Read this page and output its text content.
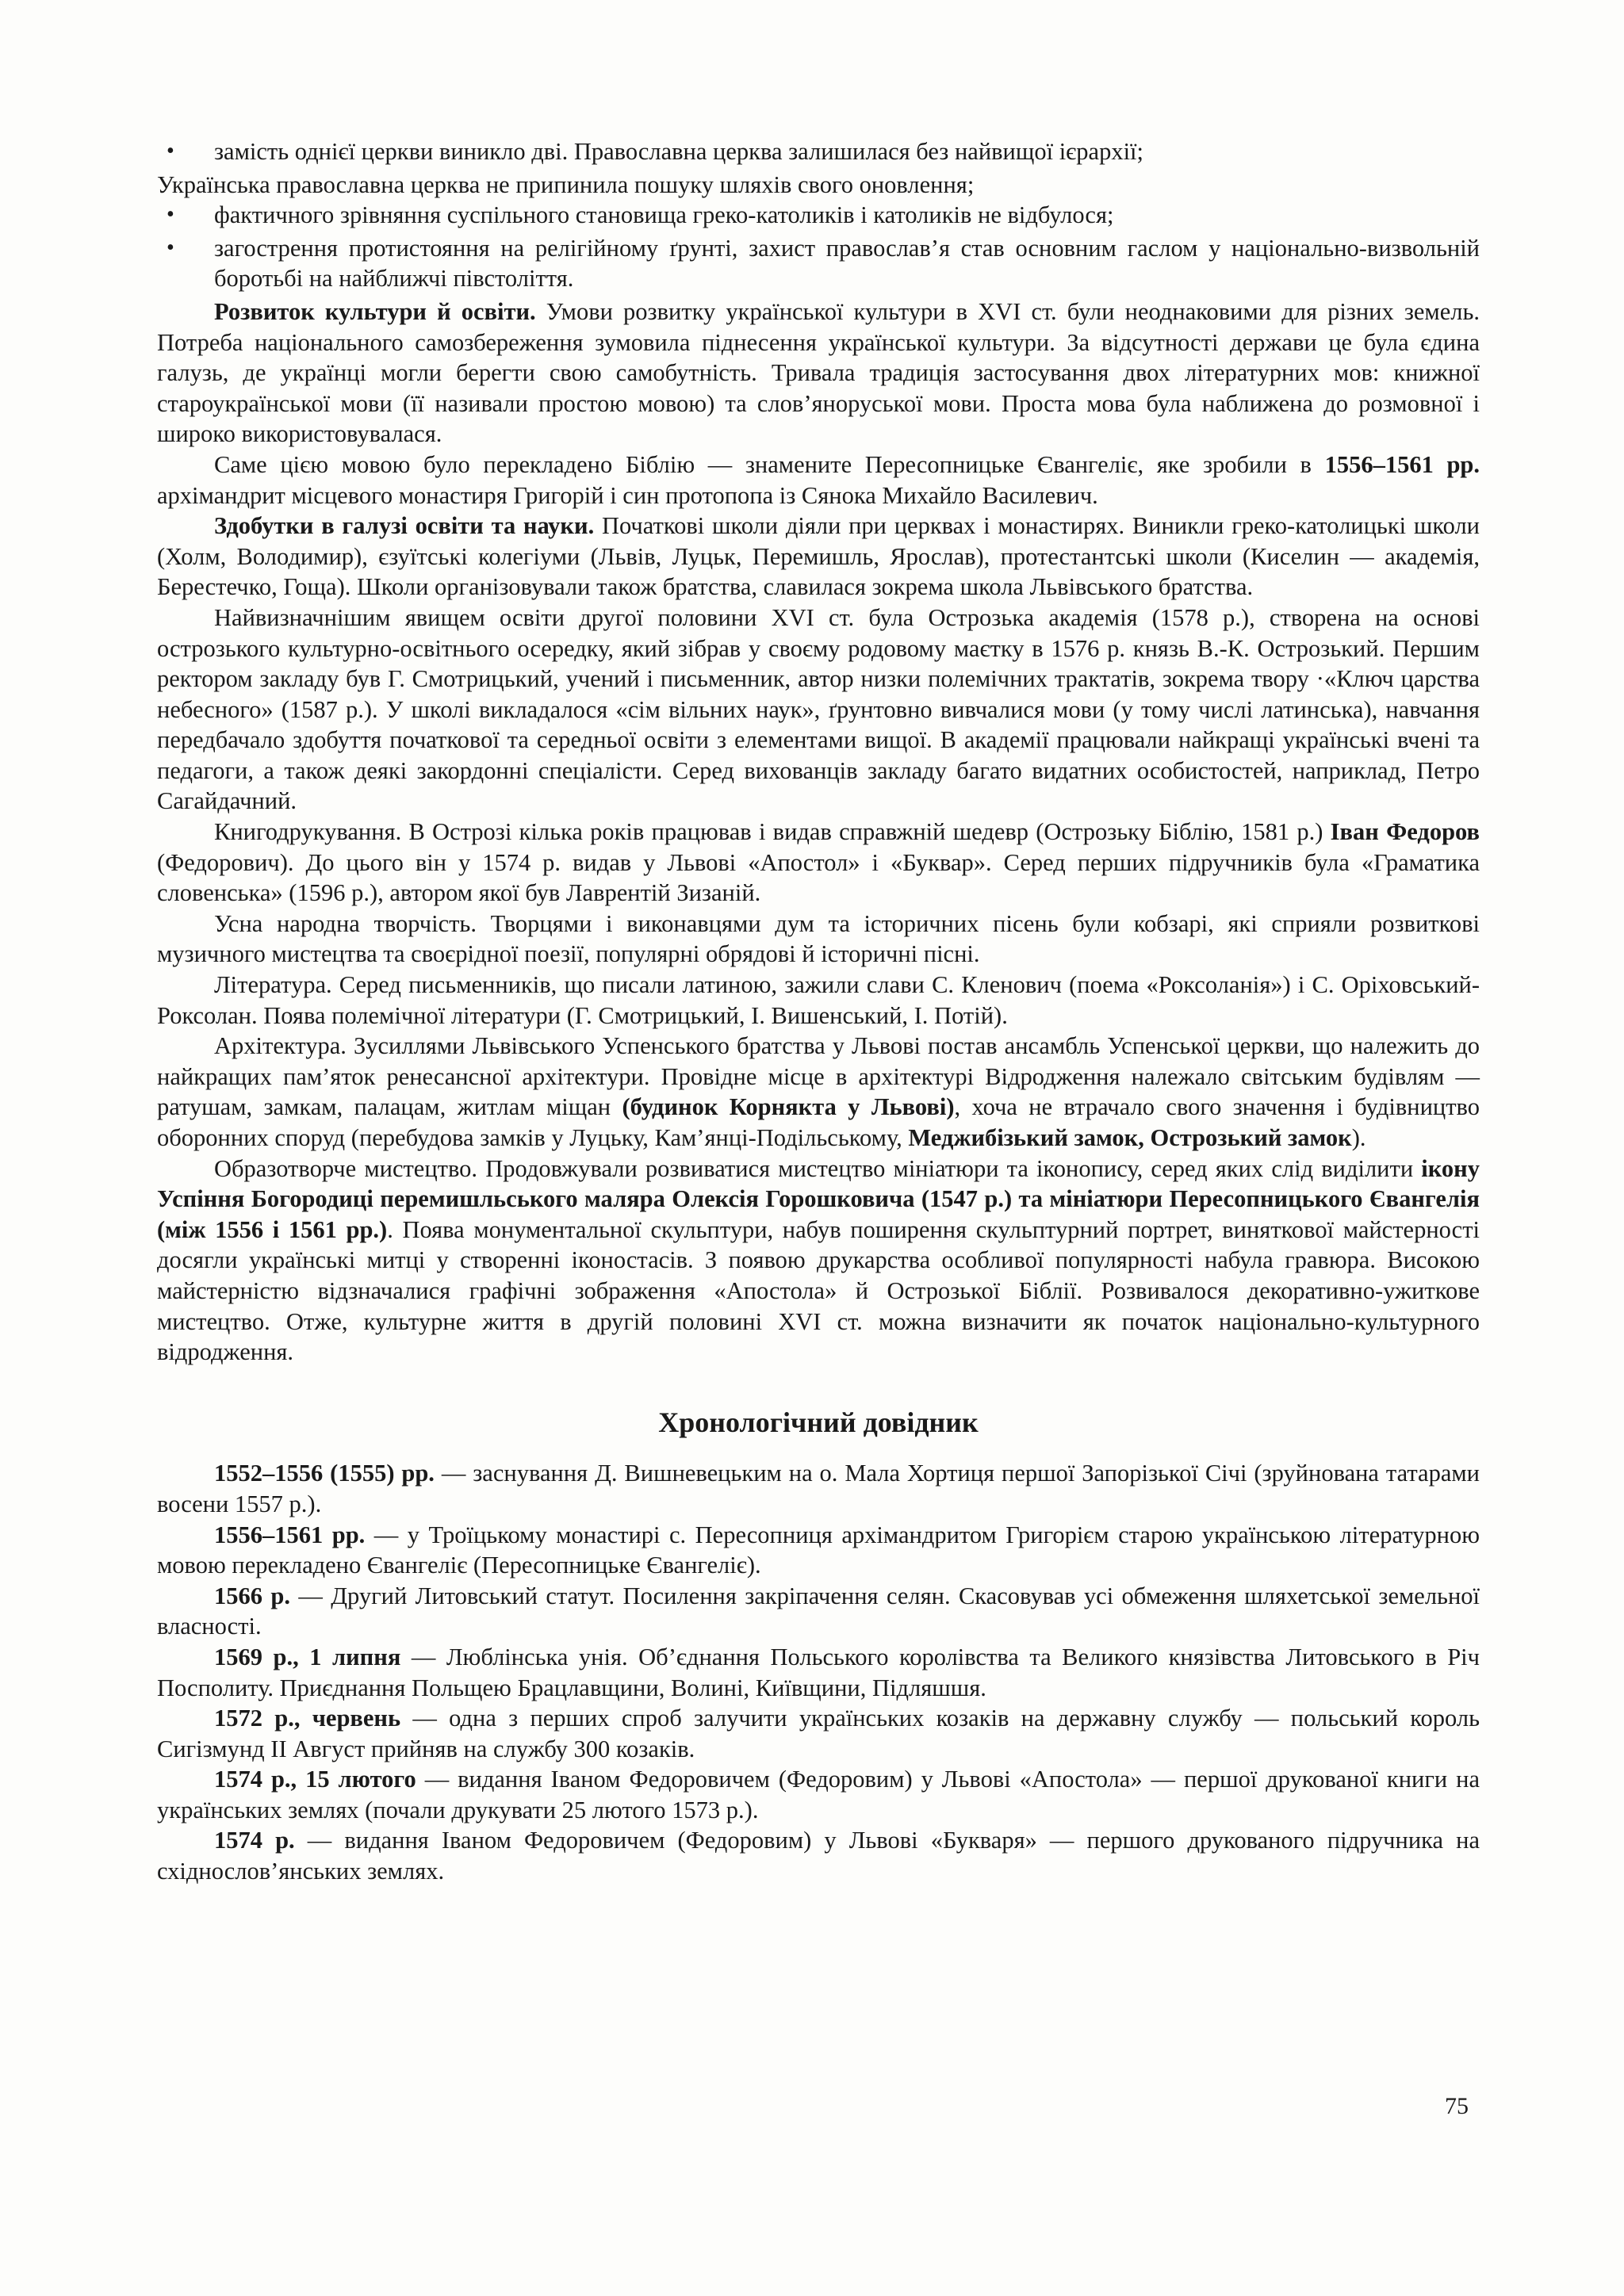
• замість однієї церкви виникло дві. Православна церква залишилася без найвищої ієрархії;

Українська православна церква не припинила пошуку шляхів свого оновлення;

• фактичного зрівняння суспільного становища греко-католиків і католиків не відбулося;
• загострення протистояння на релігійному ґрунті, захист православ’я став основним гаслом у національно-визвольній боротьбі на найближчі півстоліття.

Розвиток культури й освіти. Умови розвитку української культури в XVI ст. були неоднаковими для різних земель. Потреба національного самозбереження зумовила піднесення української культури. За відсутності держави це була єдина галузь, де українці могли берегти свою самобутність. Тривала традиція застосування двох літературних мов: книжної староукраїнської мови (її називали простою мовою) та слов’яноруської мови. Проста мова була наближена до розмовної і широко використовувалася.

Саме цією мовою було перекладено Біблію — знамените Пересопницьке Євангеліє, яке зробили в 1556–1561 рр. архімандрит місцевого монастиря Григорій і син протопопа із Сянока Михайло Василевич.

Здобутки в галузі освіти та науки. Початкові школи діяли при церквах і монастирях. Виникли греко-католицькі школи (Холм, Володимир), єзуїтські колегіуми (Львів, Луцьк, Перемишль, Ярослав), протестантські школи (Киселин — академія, Берестечко, Гоща). Школи організовували також братства, славилася зокрема школа Львівського братства.

Найвизначнішим явищем освіти другої половини XVI ст. була Острозька академія (1578 р.), створена на основі острозького культурно-освітнього осередку, який зібрав у своєму родовому маєтку в 1576 р. князь В.-К. Острозький. Першим ректором закладу був Г. Смотрицький, учений і письменник, автор низки полемічних трактатів, зокрема твору ·«Ключ царства небесного» (1587 р.). У школі викладалося «сім вільних наук», ґрунтовно вивчалися мови (у тому числі латинська), навчання передбачало здобуття початкової та середньої освіти з елементами вищої. В академії працювали найкращі українські вчені та педагоги, а також деякі закордонні спеціалісти. Серед вихованців закладу багато видатних особистостей, наприклад, Петро Сагайдачний.

Книгодрукування. В Острозі кілька років працював і видав справжній шедевр (Острозьку Біблію, 1581 р.) Іван Федоров (Федорович). До цього він у 1574 р. видав у Львові «Апостол» і «Буквар». Серед перших підручників була «Граматика словенська» (1596 р.), автором якої був Лаврентій Зизаній.

Усна народна творчість. Творцями і виконавцями дум та історичних пісень були кобзарі, які сприяли розвиткові музичного мистецтва та своєрідної поезії, популярні обрядові й історичні пісні.

Література. Серед письменників, що писали латиною, зажили слави С. Кленович (поема «Роксоланія») і С. Оріховський-Роксолан. Поява полемічної літератури (Г. Смотрицький, І. Вишенський, І. Потій).

Архітектура. Зусиллями Львівського Успенського братства у Львові постав ансамбль Успенської церкви, що належить до найкращих пам’яток ренесансної архітектури. Провідне місце в архітектурі Відродження належало світським будівлям — ратушам, замкам, палацам, житлам міщан (будинок Корнякта у Львові), хоча не втрачало свого значення і будівництво оборонних споруд (перебудова замків у Луцьку, Кам’янці-Подільському, Меджибізький замок, Острозький замок).

Образотворче мистецтво. Продовжували розвиватися мистецтво мініатюри та іконопису, серед яких слід виділити ікону Успіння Богородиці перемишльського маляра Олексія Горошковича (1547 р.) та мініатюри Пересопницького Євангелія (між 1556 і 1561 рр.). Поява монументальної скульптури, набув поширення скульптурний портрет, виняткової майстерності досягли українські митці у створенні іконостасів. З появою друкарства особливої популярності набула гравюра. Високою майстерністю відзначалися графічні зображення «Апостола» й Острозької Біблії. Розвивалося декоративно-ужиткове мистецтво. Отже, культурне життя в другій половині XVI ст. можна визначити як початок національно-культурного відродження.

Хронологічний довідник

1552–1556 (1555) рр. — заснування Д. Вишневецьким на о. Мала Хортиця першої Запорізької Січі (зруйнована татарами восени 1557 р.).

1556–1561 рр. — у Троїцькому монастирі с. Пересопниця архімандритом Григорієм старою українською літературною мовою перекладено Євангеліє (Пересопницьке Євангеліє).

1566 р. — Другий Литовський статут. Посилення закріпачення селян. Скасовував усі обмеження шляхетської земельної власності.

1569 р., 1 липня — Люблінська унія. Об’єднання Польського королівства та Великого князівства Литовського в Річ Посполиту. Приєднання Польщею Брацлавщини, Волині, Київщини, Підляшшя.

1572 р., червень — одна з перших спроб залучити українських козаків на державну службу — польський король Сигізмунд II Август прийняв на службу 300 козаків.

1574 р., 15 лютого — видання Іваном Федоровичем (Федоровим) у Львові «Апостола» — першої друкованої книги на українських землях (почали друкувати 25 лютого 1573 р.).

1574 р. — видання Іваном Федоровичем (Федоровим) у Львові «Букваря» — першого друкованого підручника на східнослов’янських землях.

75
